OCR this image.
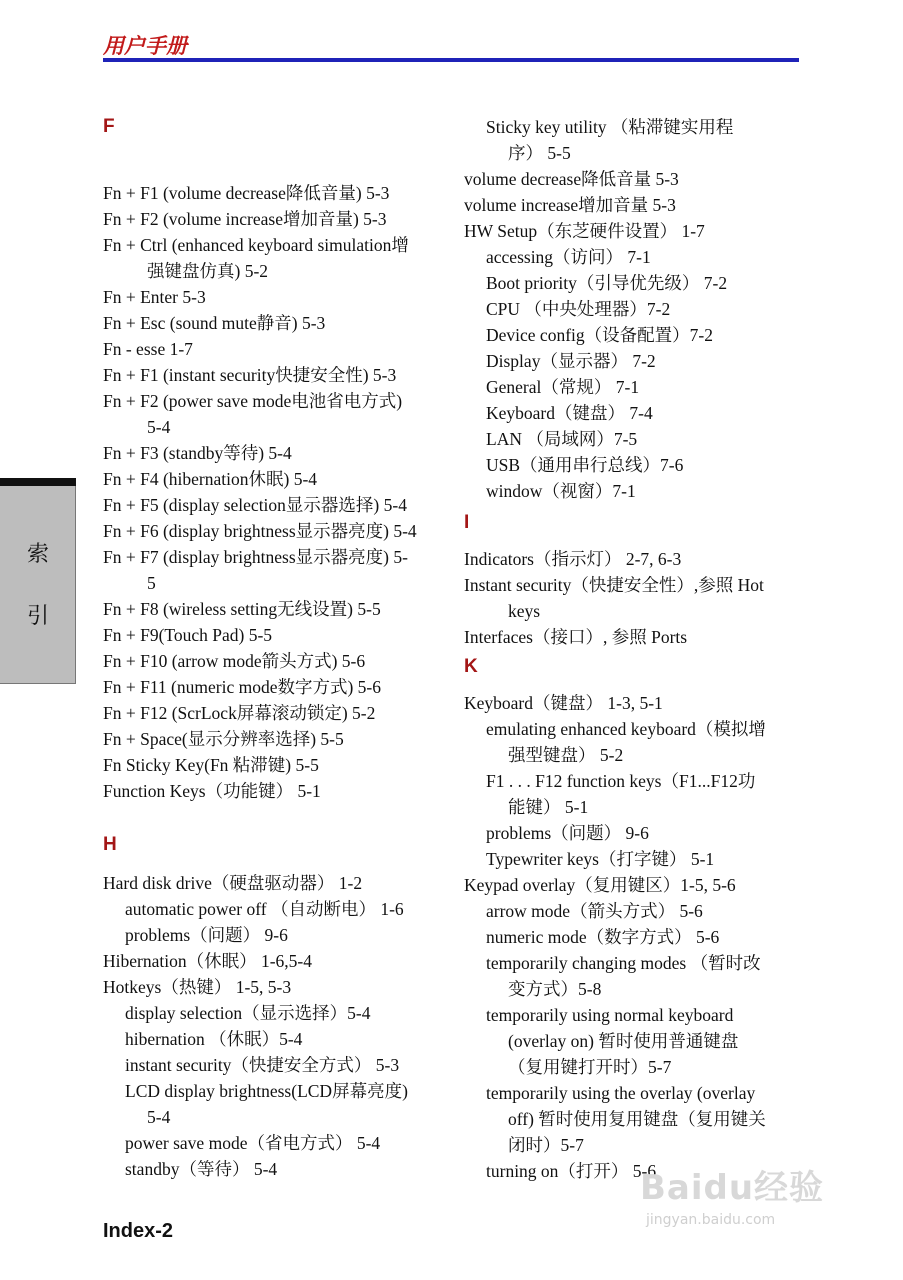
用户手册
索
引
F
Fn + F1 (volume decrease降低音量) 5-3
Fn + F2 (volume increase增加音量) 5-3
Fn + Ctrl (enhanced keyboard simulation增
强键盘仿真) 5-2
Fn + Enter 5-3
Fn + Esc (sound mute静音) 5-3
Fn - esse 1-7
Fn + F1 (instant security快捷安全性) 5-3
Fn + F2 (power save mode电池省电方式)
5-4
Fn + F3 (standby等待) 5-4
Fn + F4 (hibernation休眠) 5-4
Fn + F5 (display selection显示器选择) 5-4
Fn + F6 (display brightness显示器亮度) 5-4
Fn + F7 (display brightness显示器亮度) 5-
5
Fn + F8 (wireless setting无线设置) 5-5
Fn + F9(Touch Pad) 5-5
Fn + F10 (arrow mode箭头方式) 5-6
Fn + F11 (numeric mode数字方式) 5-6
Fn + F12 (ScrLock屏幕滚动锁定) 5-2
Fn + Space(显示分辨率选择) 5-5
Fn Sticky Key(Fn 粘滞键) 5-5
Function Keys（功能键） 5-1
H
Hard disk drive（硬盘驱动器） 1-2
automatic power off （自动断电） 1-6
problems（问题） 9-6
Hibernation（休眠） 1-6,5-4
Hotkeys（热键） 1-5, 5-3
display selection（显示选择）5-4
hibernation （休眠）5-4
instant security（快捷安全方式） 5-3
LCD display brightness(LCD屏幕亮度)
5-4
power save mode（省电方式） 5-4
standby（等待） 5-4
Sticky key utility （粘滞键实用程
序） 5-5
volume decrease降低音量 5-3
volume increase增加音量 5-3
HW Setup（东芝硬件设置） 1-7
accessing（访问） 7-1
Boot priority（引导优先级） 7-2
CPU （中央处理器）7-2
Device config（设备配置）7-2
Display（显示器） 7-2
General（常规） 7-1
Keyboard（键盘） 7-4
LAN （局域网）7-5
USB（通用串行总线）7-6
window（视窗）7-1
I
Indicators（指示灯） 2-7, 6-3
Instant security（快捷安全性）,参照 Hot
keys
Interfaces（接口）, 参照 Ports
K
Keyboard（键盘） 1-3, 5-1
emulating enhanced keyboard（模拟增
强型键盘） 5-2
F1 . . . F12 function keys（F1...F12功
能键） 5-1
problems（问题） 9-6
Typewriter keys（打字键） 5-1
Keypad overlay（复用键区）1-5, 5-6
arrow mode（箭头方式） 5-6
numeric mode（数字方式） 5-6
temporarily changing modes （暂时改
变方式）5-8
temporarily using normal keyboard
(overlay on) 暂时使用普通键盘
（复用键打开时）5-7
temporarily using the overlay (overlay
off) 暂时使用复用键盘（复用键关
闭时）5-7
turning on（打开） 5-6
Index-2
Baidu经验
jingyan.baidu.com
